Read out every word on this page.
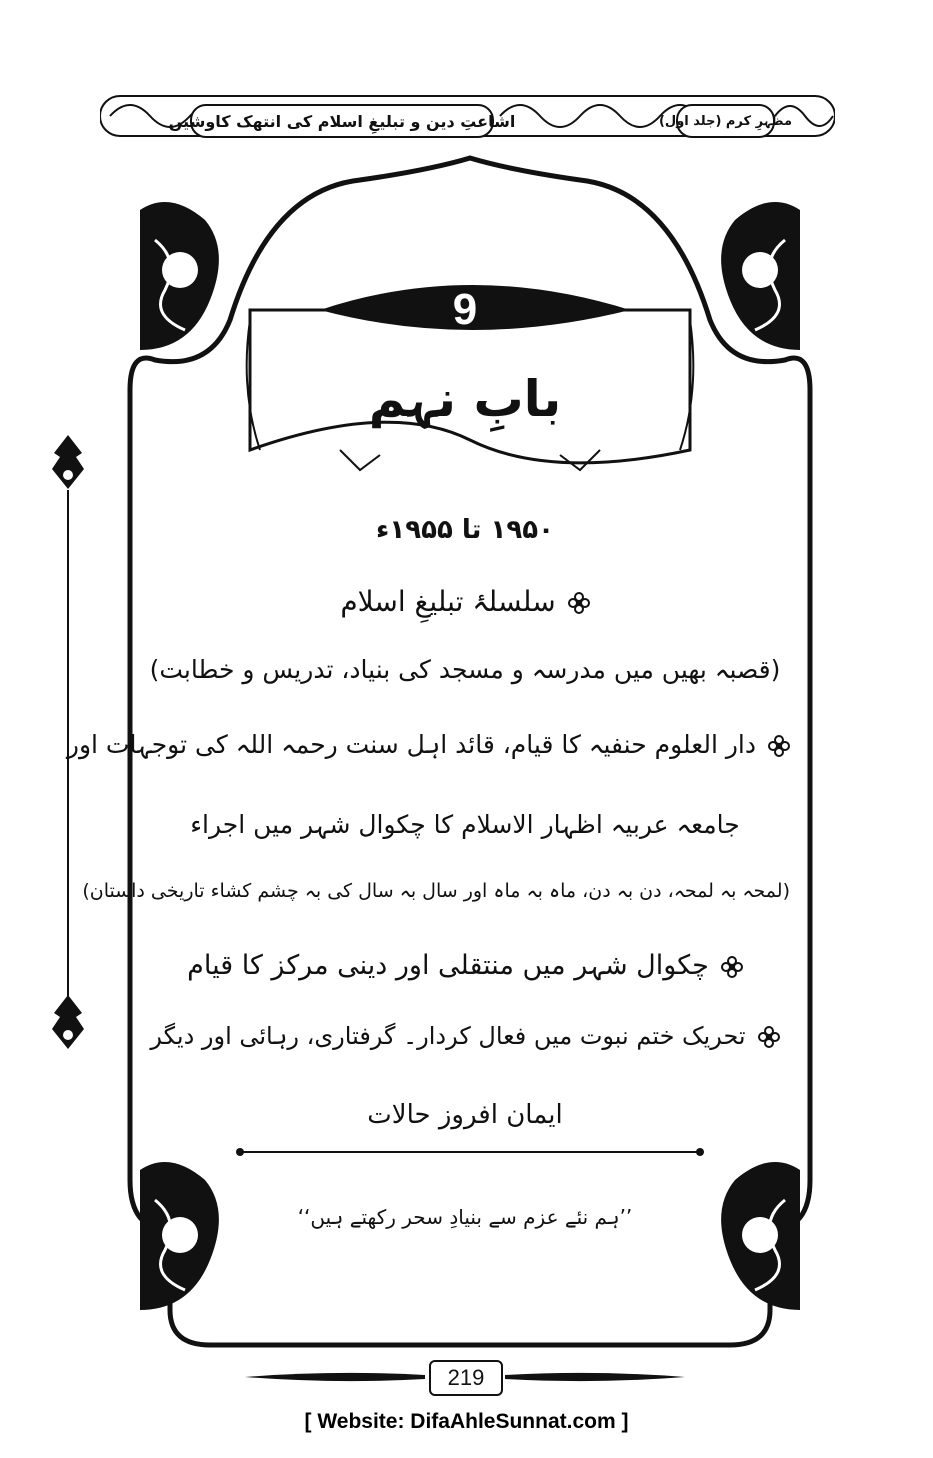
اشاعتِ دین و تبلیغِ اسلام کی انتھک کاوشیں	مظہرِ کرم (جلد اول)
9
بابِ نہم
۱۹۵۰ تا ۱۹۵۵ء
سلسلۂ تبلیغِ اسلام
(قصبہ بھیں میں مدرسہ و مسجد کی بنیاد، تدریس و خطابت)
دار العلوم حنفیہ کا قیام، قائد اہل سنت رحمہ اللہ کی توجہات اور
جامعہ عربیہ اظہار الاسلام کا چکوال شہر میں اجراء
(لمحہ بہ لمحہ، دن بہ دن، ماہ بہ ماہ اور سال بہ سال کی بہ چشم کشاء تاریخی داستان)
چکوال شہر میں منتقلی اور دینی مرکز کا قیام
تحریک ختم نبوت میں فعال کردار۔ گرفتاری، رہائی اور دیگر
ایمان افروز حالات
’’ہم نئے عزم سے بنیادِ سحر رکھتے ہیں‘‘
219
[ Website: DifaAhleSunnat.com ]
